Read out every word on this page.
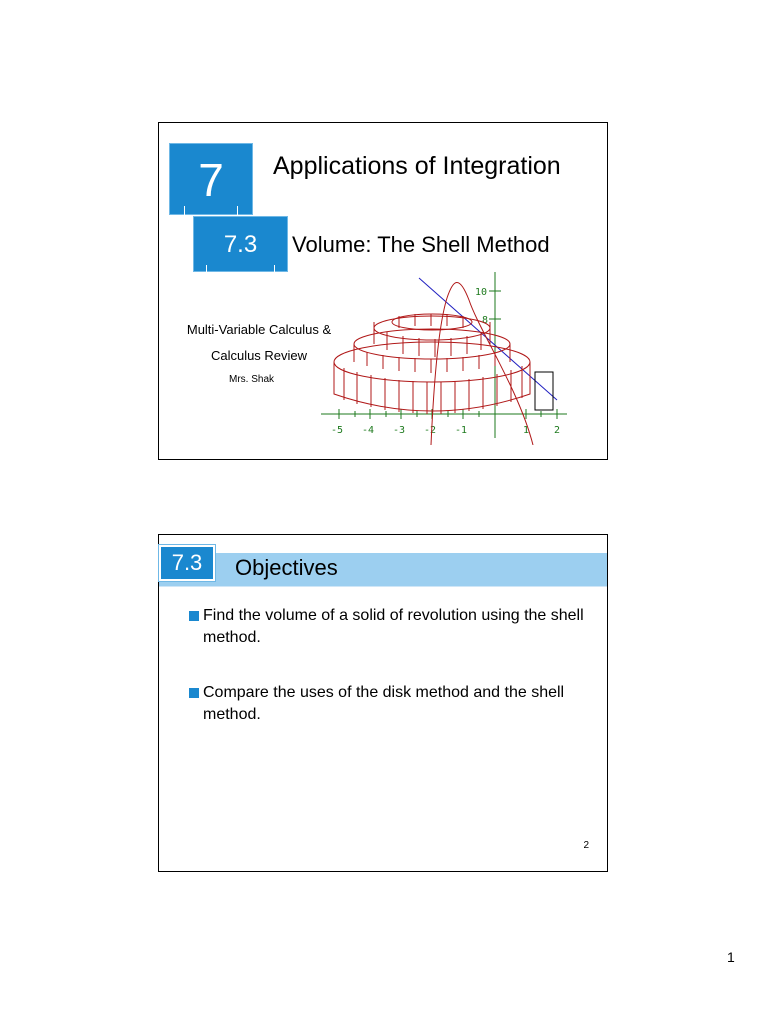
7	Applications of Integration
7.3	Volume: The Shell Method
Multi-Variable Calculus &
Calculus Review
Mrs. Shak
10
8
-5 -4 -3 -2 -1	1 2
7.3	Objectives
Find the volume of a solid of revolution using the shell method.
Compare the uses of the disk method and the shell method.
2
1
